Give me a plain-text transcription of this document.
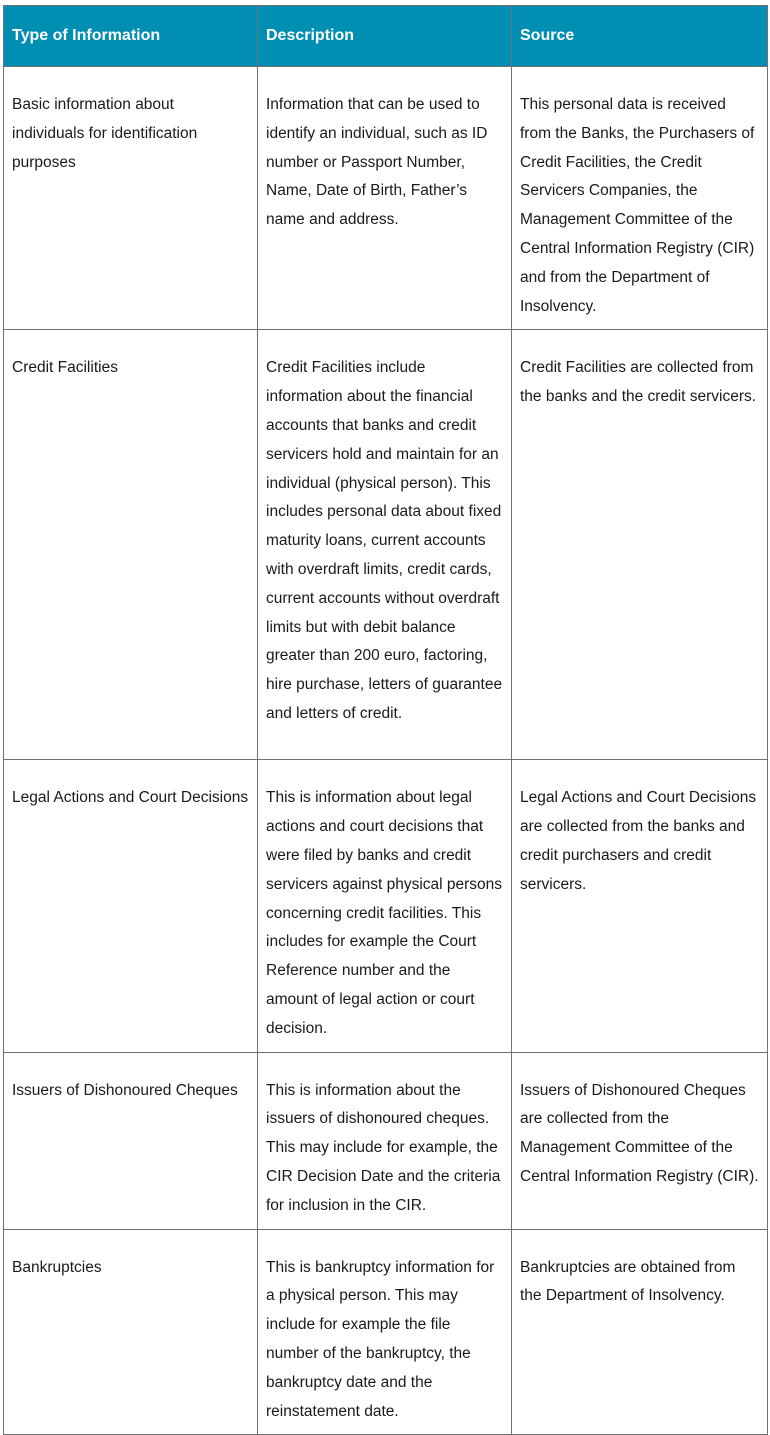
Type of Information	Description	Source
Basic information about individuals for identification purposes	Information that can be used to identify an individual, such as ID number or Passport Number, Name, Date of Birth, Father’s name and address.	This personal data is received from the Banks, the Purchasers of Credit Facilities, the Credit Servicers Companies, the Management Committee of the Central Information Registry (CIR) and from the Department of Insolvency.
Credit Facilities	Credit Facilities include information about the financial accounts that banks and credit servicers hold and maintain for an individual (physical person). This includes personal data about fixed maturity loans, current accounts with overdraft limits, credit cards, current accounts without overdraft limits but with debit balance greater than 200 euro, factoring, hire purchase, letters of guarantee and letters of credit.	Credit Facilities are collected from the banks and the credit servicers.
Legal Actions and Court Decisions	This is information about legal actions and court decisions that were filed by banks and credit servicers against physical persons concerning credit facilities. This includes for example the Court Reference number and the amount of legal action or court decision.	Legal Actions and Court Decisions are collected from the banks and credit purchasers and credit servicers.
Issuers of Dishonoured Cheques	This is information about the issuers of dishonoured cheques. This may include for example, the CIR Decision Date and the criteria for inclusion in the CIR.	Issuers of Dishonoured Cheques are collected from the Management Committee of the Central Information Registry (CIR).
Bankruptcies	This is bankruptcy information for a physical person. This may include for example the file number of the bankruptcy, the bankruptcy date and the reinstatement date.	Bankruptcies are obtained from the Department of Insolvency.
